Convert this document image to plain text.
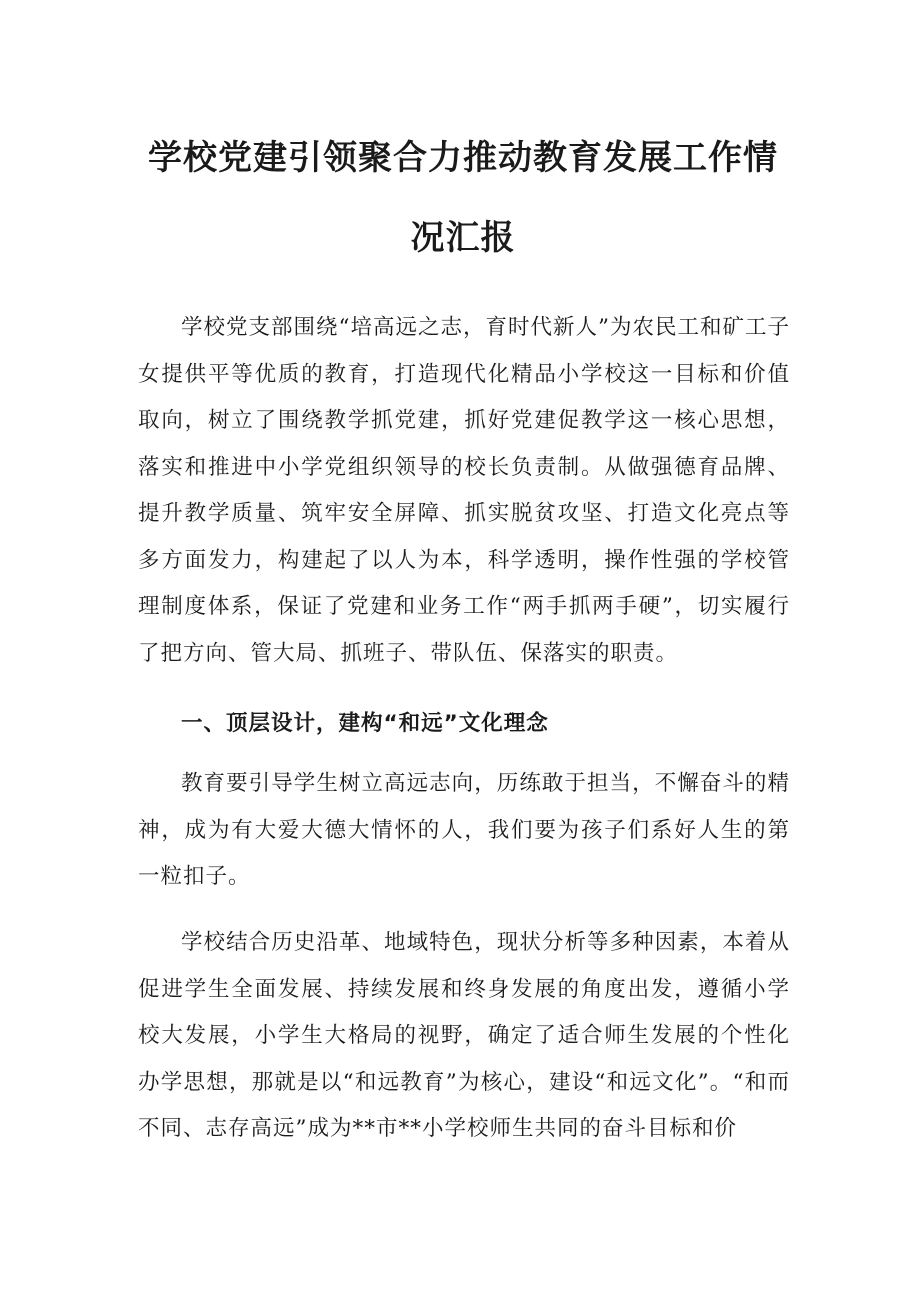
学校党建引领聚合力推动教育发展工作情况汇报

学校党支部围绕“培高远之志，育时代新人”为农民工和矿工子女提供平等优质的教育，打造现代化精品小学校这一目标和价值取向，树立了围绕教学抓党建，抓好党建促教学这一核心思想，落实和推进中小学党组织领导的校长负责制。从做强德育品牌、提升教学质量、筑牢安全屏障、抓实脱贫攻坚、打造文化亮点等多方面发力，构建起了以人为本，科学透明，操作性强的学校管理制度体系，保证了党建和业务工作“两手抓两手硬”，切实履行了把方向、管大局、抓班子、带队伍、保落实的职责。

一、顶层设计，建构“和远”文化理念

教育要引导学生树立高远志向，历练敢于担当，不懈奋斗的精神，成为有大爱大德大情怀的人，我们要为孩子们系好人生的第一粒扣子。

学校结合历史沿革、地域特色，现状分析等多种因素，本着从促进学生全面发展、持续发展和终身发展的角度出发，遵循小学校大发展，小学生大格局的视野，确定了适合师生发展的个性化办学思想，那就是以“和远教育”为核心，建设“和远文化”。“和而不同、志存高远”成为**市**小学校师生共同的奋斗目标和价
